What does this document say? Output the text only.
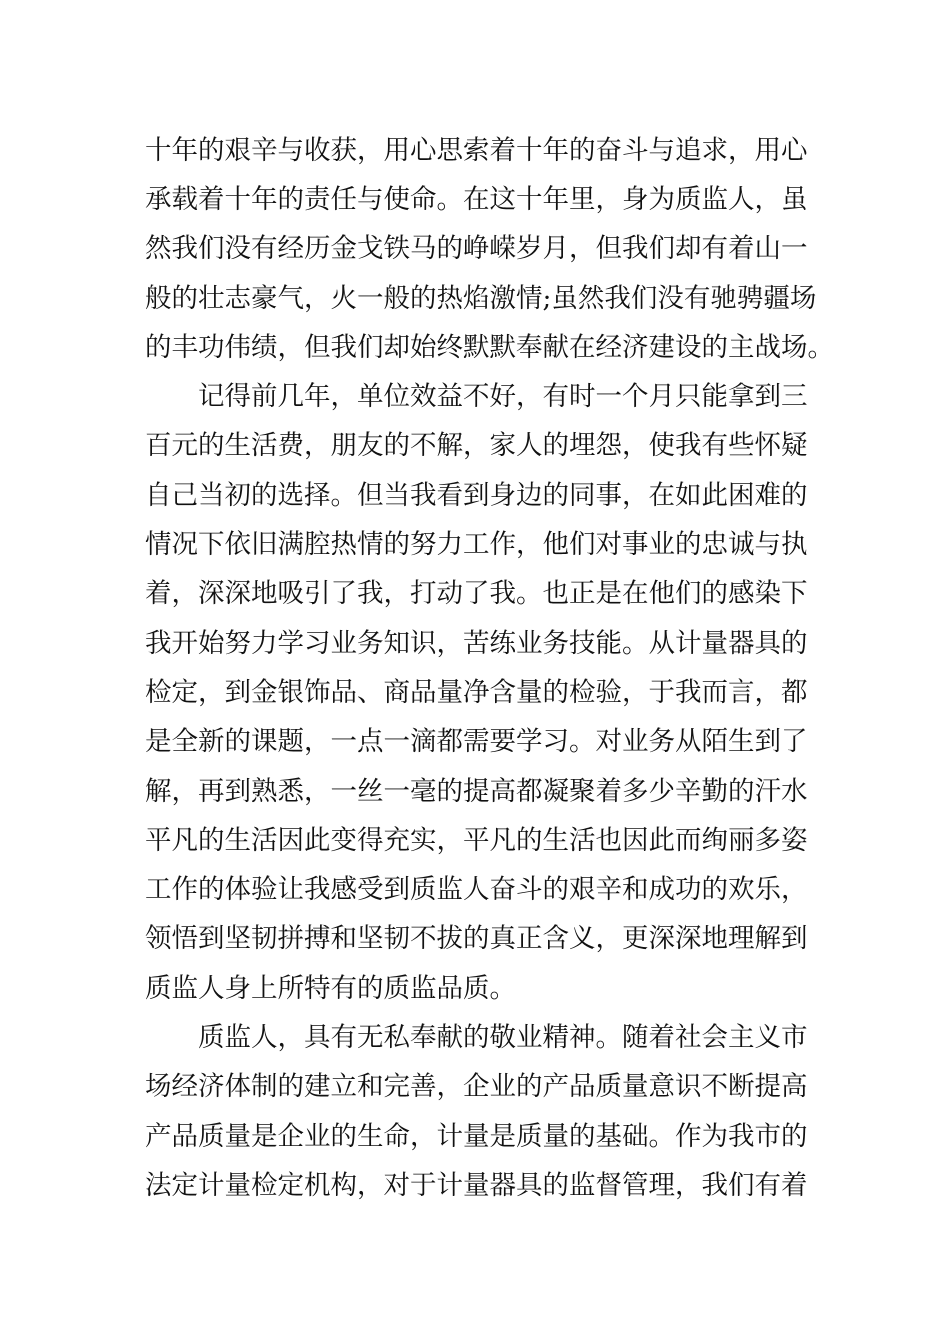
十年的艰辛与收获，用心思索着十年的奋斗与追求，用心
承载着十年的责任与使命。在这十年里，身为质监人，虽
然我们没有经历金戈铁马的峥嵘岁月，但我们却有着山一
般的壮志豪气，火一般的热焰激情;虽然我们没有驰骋疆场
的丰功伟绩，但我们却始终默默奉献在经济建设的主战场。
记得前几年，单位效益不好，有时一个月只能拿到三
百元的生活费，朋友的不解，家人的埋怨，使我有些怀疑
自己当初的选择。但当我看到身边的同事，在如此困难的
情况下依旧满腔热情的努力工作，他们对事业的忠诚与执
着，深深地吸引了我，打动了我。也正是在他们的感染下
我开始努力学习业务知识，苦练业务技能。从计量器具的
检定，到金银饰品、商品量净含量的检验，于我而言，都
是全新的课题，一点一滴都需要学习。对业务从陌生到了
解，再到熟悉，一丝一毫的提高都凝聚着多少辛勤的汗水
平凡的生活因此变得充实，平凡的生活也因此而绚丽多姿
工作的体验让我感受到质监人奋斗的艰辛和成功的欢乐，
领悟到坚韧拼搏和坚韧不拔的真正含义，更深深地理解到
质监人身上所特有的质监品质。
质监人，具有无私奉献的敬业精神。随着社会主义市
场经济体制的建立和完善，企业的产品质量意识不断提高
产品质量是企业的生命，计量是质量的基础。作为我市的
法定计量检定机构，对于计量器具的监督管理，我们有着
